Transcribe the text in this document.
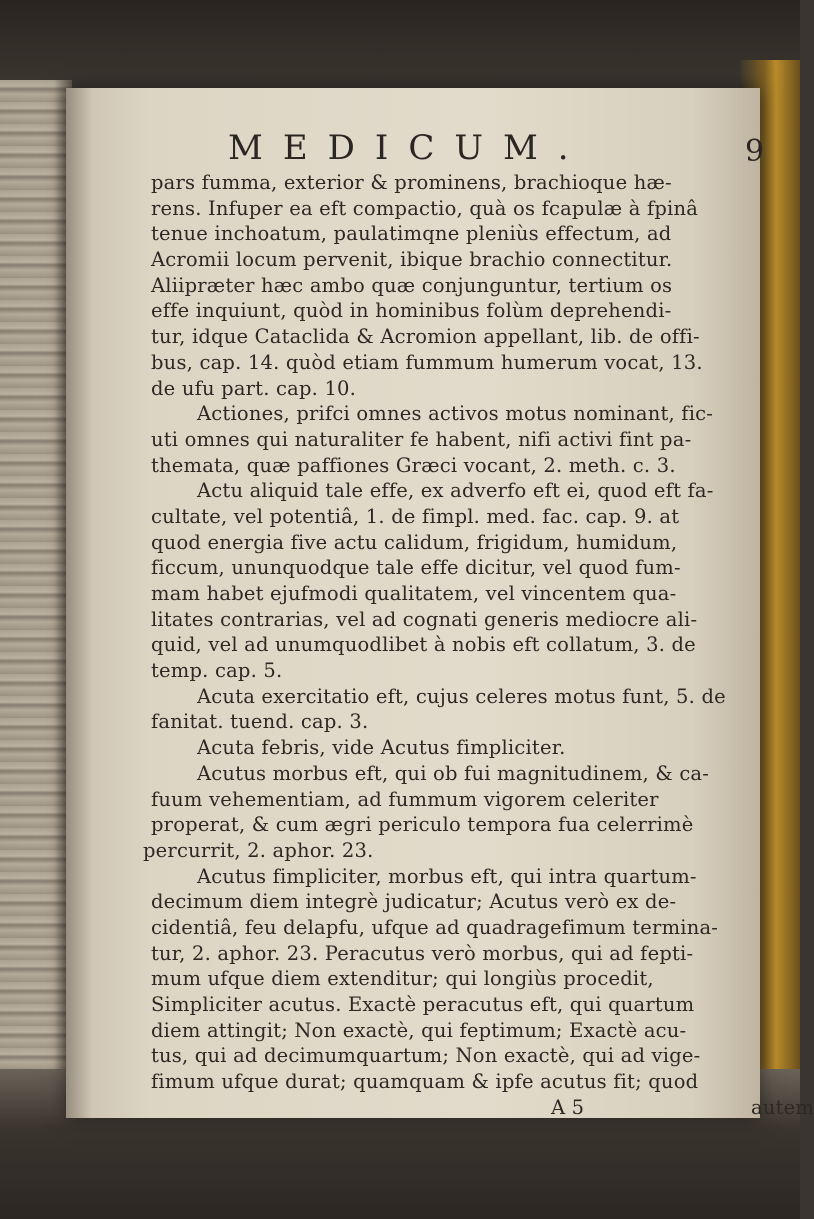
MEDICUM.	9
pars fumma, exterior & prominens, brachioque hæ-
rens. Infuper ea eft compactio, quà os fcapulæ à fpinâ
tenue inchoatum, paulatimqne pleniùs effectum, ad
Acromii locum pervenit, ibique brachio connectitur.
Aliipræter hæc ambo quæ conjunguntur, tertium os
effe inquiunt, quòd in hominibus folùm deprehendi-
tur, idque Cataclida & Acromion appellant, lib. de offi-
bus, cap. 14. quòd etiam fummum humerum vocat, 13.
de ufu part. cap. 10.
Actiones, prifci omnes activos motus nominant, fic-
uti omnes qui naturaliter fe habent, nifi activi fint pa-
themata, quæ paffiones Græci vocant, 2. meth. c. 3.
Actu aliquid tale effe, ex adverfo eft ei, quod eft fa-
cultate, vel potentiâ, 1. de fimpl. med. fac. cap. 9. at
quod energia five actu calidum, frigidum, humidum,
ficcum, ununquodque tale effe dicitur, vel quod fum-
mam habet ejufmodi qualitatem, vel vincentem qua-
litates contrarias, vel ad cognati generis mediocre ali-
quid, vel ad unumquodlibet à nobis eft collatum, 3. de
temp. cap. 5.
Acuta exercitatio eft, cujus celeres motus funt, 5. de
fanitat. tuend. cap. 3.
Acuta febris, vide Acutus fimpliciter.
Acutus morbus eft, qui ob fui magnitudinem, & ca-
fuum vehementiam, ad fummum vigorem celeriter
properat, & cum ægri periculo tempora fua celerrimè
percurrit, 2. aphor. 23.
Acutus fimpliciter, morbus eft, qui intra quartum-
decimum diem integrè judicatur; Acutus verò ex de-
cidentiâ, feu delapfu, ufque ad quadragefimum termina-
tur, 2. aphor. 23. Peracutus verò morbus, qui ad fepti-
mum ufque diem extenditur; qui longiùs procedit,
Simpliciter acutus. Exactè peracutus eft, qui quartum
diem attingit; Non exactè, qui feptimum; Exactè acu-
tus, qui ad decimumquartum; Non exactè, qui ad vige-
fimum ufque durat; quamquam & ipfe acutus fit; quod
A 5	autem
